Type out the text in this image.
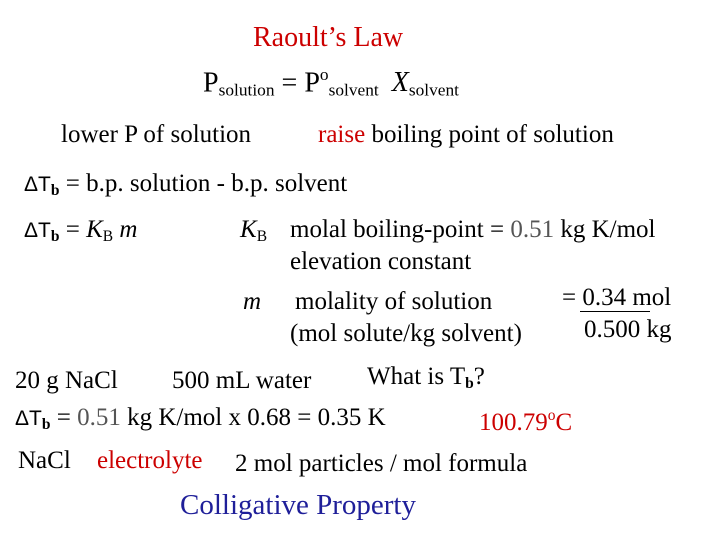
Raoult’s Law
$P_{solution} = P^o_{solvent}$ $X_{solvent}$
lower P of solution	raise boiling point of solution
$\Delta T_b = b.p$. solution - b.p. solvent
$\Delta T_b = K_B$ m	$K_B$ molal boiling-point = 0.51 kg K/mol
elevation constant
m molality of solution	= 0.34 mol
(mol solute/kg solvent) 0.500 kg
20 g NaCl 500 mL water What is $T_b$?
$\Delta T_b = 0.51$ kg K/mol x 0.68 = 0.35 K	100.79$^o$C
NaCl electrolyte 2 mol particles / mol formula
Colligative Property
